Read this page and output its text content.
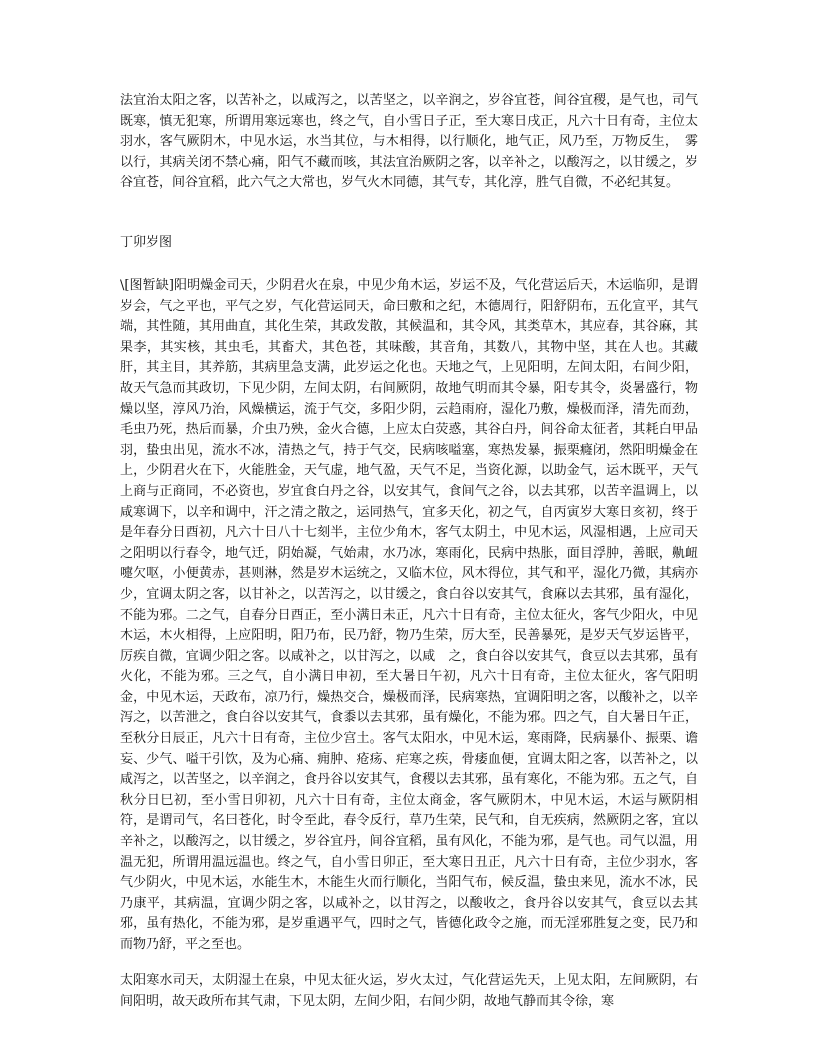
法宜治太阳之客，以苦补之，以咸泻之，以苦坚之，以辛润之，岁谷宜苍，间谷宜稷，是气也，司气既寒，慎无犯寒，所谓用寒远寒也，终之气，自小雪日子正，至大寒日戌正，凡六十日有奇，主位太羽水，客气厥阴木，中见水运，水当其位，与木相得，以行顺化，地气正，风乃至，万物反生，　雾以行，其病关闭不禁心痛，阳气不藏而咳，其法宜治厥阴之客，以辛补之，以酸泻之，以甘缓之，岁谷宜苍，间谷宜稻，此六气之大常也，岁气火木同德，其气专，其化淳，胜气自微，不必纪其复。

丁卯岁图

\[图暂缺]阳明燥金司天，少阴君火在泉，中见少角木运，岁运不及，气化营运后天，木运临卯，是谓岁会，气之平也，平气之岁，气化营运同天，命曰敷和之纪，木德周行，阳舒阴布，五化宣平，其气端，其性随，其用曲直，其化生荣，其政发散，其候温和，其令风，其类草木，其应春，其谷麻，其果李，其实核，其虫毛，其畜犬，其色苍，其味酸，其音角，其数八，其物中坚，其在人也。其藏肝，其主目，其养筋，其病里急支满，此岁运之化也。天地之气，上见阳明，左间太阳，右间少阳，故天气急而其政切，下见少阴，左间太阴，右间厥阴，故地气明而其令暴，阳专其令，炎暑盛行，物燥以坚，淳风乃治，风燥横运，流于气交，多阳少阴，云趋雨府，湿化乃敷，燥极而泽，清先而劲，毛虫乃死，热后而暴，介虫乃殃，金火合德，上应太白荧惑，其谷白丹，间谷命太征者，其耗白甲品羽，蛰虫出见，流水不冰，清热之气，持于气交，民病咳嗌塞，寒热发暴，振栗癃闭，然阳明燥金在上，少阴君火在下，火能胜金，天气虚，地气盈，天气不足，当资化源，以助金气，运木既平，天气上商与正商同，不必资也，岁宜食白丹之谷，以安其气，食间气之谷，以去其邪，以苦辛温调上，以咸寒调下，以辛和调中，汗之清之散之，运同热气，宜多天化，初之气，自丙寅岁大寒日亥初，终于是年春分日酉初，凡六十日八十七刻半，主位少角木，客气太阴土，中见木运，风湿相遇，上应司天之阳明以行春令，地气迁，阴始凝，气始肃，水乃冰，寒雨化，民病中热胀，面目浮肿，善眠，鼽衄嚏欠呕，小便黄赤，甚则淋，然是岁木运统之，又临木位，风木得位，其气和平，湿化乃微，其病亦少，宜调太阴之客，以甘补之，以苦泻之，以甘缓之，食白谷以安其气，食麻以去其邪，虽有湿化，不能为邪。二之气，自春分日酉正，至小满日未正，凡六十日有奇，主位太征火，客气少阳火，中见木运，木火相得，上应阳明，阳乃布，民乃舒，物乃生荣，厉大至，民善暴死，是岁天气岁运皆平，厉疾自微，宜调少阳之客。以咸补之，以甘泻之，以咸　之，食白谷以安其气，食豆以去其邪，虽有火化，不能为邪。三之气，自小满日申初，至大暑日午初，凡六十日有奇，主位太征火，客气阳明金，中见木运，天政布，凉乃行，燥热交合，燥极而泽，民病寒热，宜调阳明之客，以酸补之，以辛泻之，以苦泄之，食白谷以安其气，食黍以去其邪，虽有燥化，不能为邪。四之气，自大暑日午正，至秋分日辰正，凡六十日有奇，主位少宫土。客气太阳水，中见木运，寒雨降，民病暴仆、振栗、谵妄、少气、嗌干引饮，及为心痛、痈肿、疮疡、疟寒之疾，骨痿血便，宜调太阳之客，以苦补之，以咸泻之，以苦坚之，以辛润之，食丹谷以安其气，食稷以去其邪，虽有寒化，不能为邪。五之气，自秋分日巳初，至小雪日卯初，凡六十日有奇，主位太商金，客气厥阴木，中见木运，木运与厥阴相符，是谓司气，名曰苍化，时令至此，春令反行，草乃生荣，民气和，自无疾病，然厥阴之客，宜以辛补之，以酸泻之，以甘缓之，岁谷宜丹，间谷宜稻，虽有风化，不能为邪，是气也。司气以温，用温无犯，所谓用温远温也。终之气，自小雪日卯正，至大寒日丑正，凡六十日有奇，主位少羽水，客气少阴火，中见木运，水能生木，木能生火而行顺化，当阳气布，候反温，蛰虫来见，流水不冰，民乃康平，其病温，宜调少阴之客，以咸补之，以甘泻之，以酸收之，食丹谷以安其气，食豆以去其邪，虽有热化，不能为邪，是岁重遇平气，四时之气，皆德化政令之施，而无淫邪胜复之变，民乃和而物乃舒，平之至也。

太阳寒水司天，太阴湿土在泉，中见太征火运，岁火太过，气化营运先天，上见太阳，左间厥阴，右间阳明，故天政所布其气肃，下见太阴，左间少阳，右间少阴，故地气静而其令徐，寒
